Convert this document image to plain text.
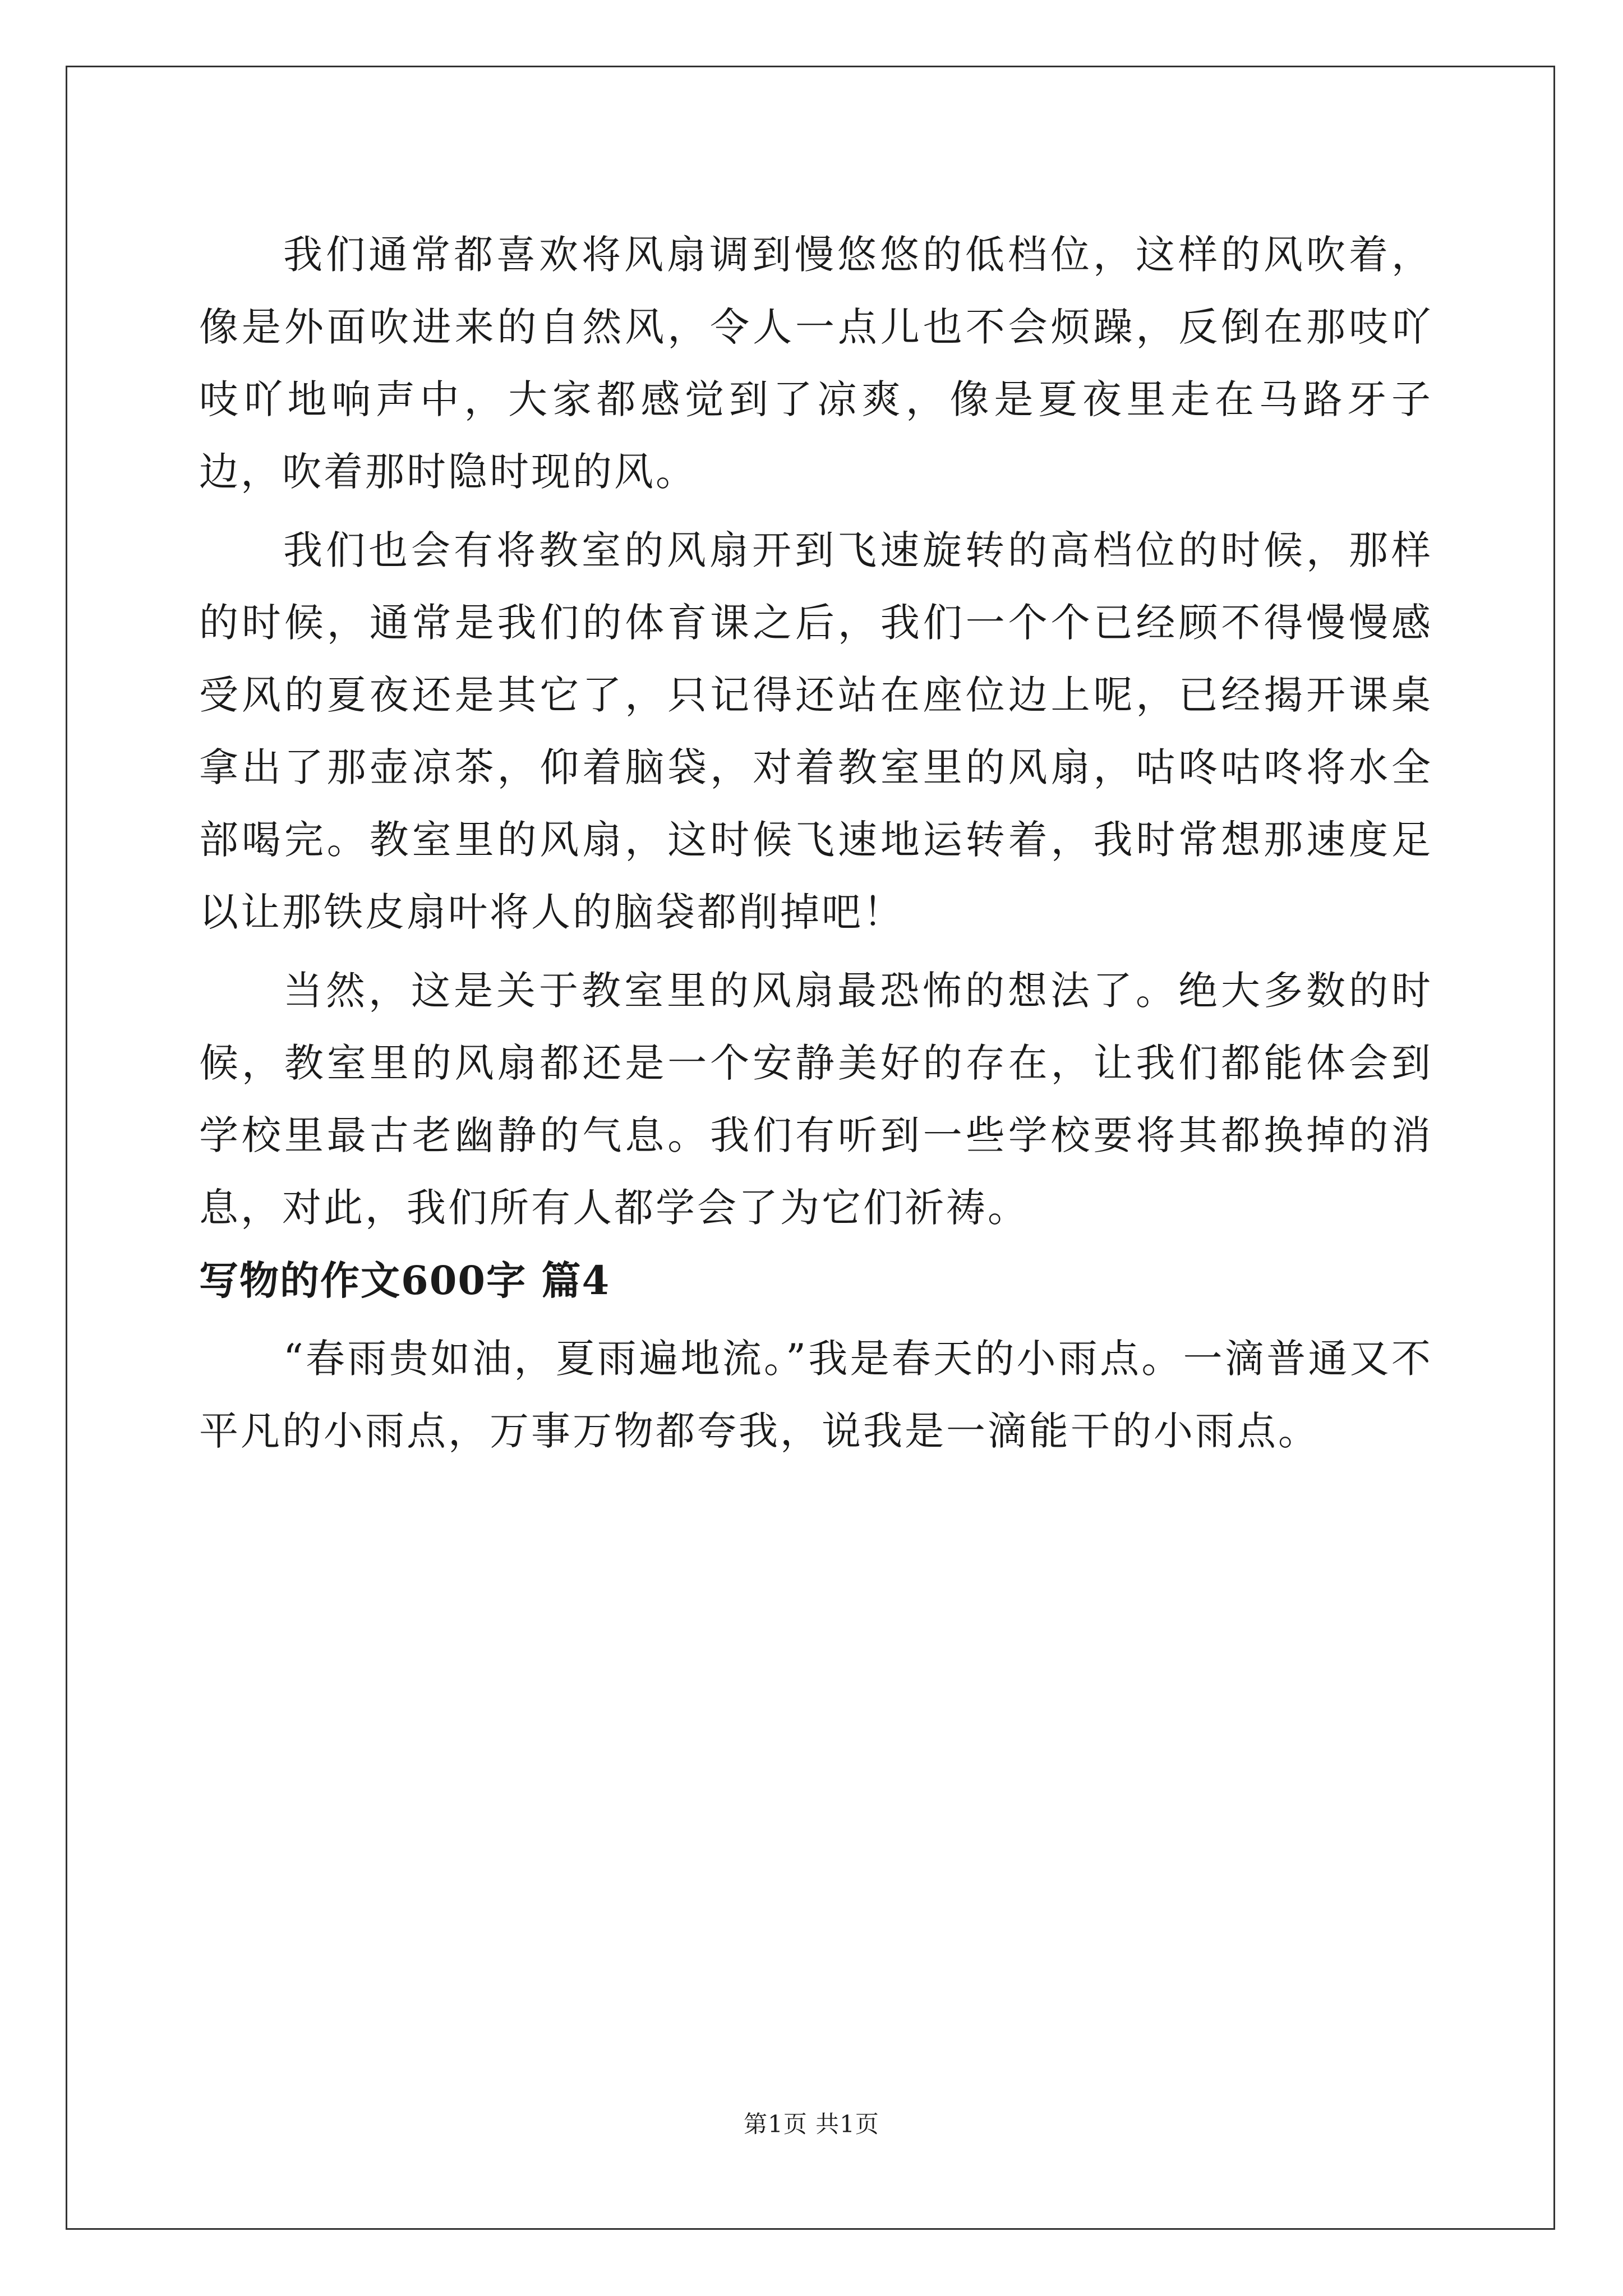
我们通常都喜欢将风扇调到慢悠悠的低档位，这样的风吹着，像是外面吹进来的自然风，令人一点儿也不会烦躁，反倒在那吱吖吱吖地响声中，大家都感觉到了凉爽，像是夏夜里走在马路牙子边，吹着那时隐时现的风。

我们也会有将教室的风扇开到飞速旋转的高档位的时候，那样的时候，通常是我们的体育课之后，我们一个个已经顾不得慢慢感受风的夏夜还是其它了，只记得还站在座位边上呢，已经揭开课桌拿出了那壶凉茶，仰着脑袋，对着教室里的风扇，咕咚咕咚将水全部喝完。教室里的风扇，这时候飞速地运转着，我时常想那速度足以让那铁皮扇叶将人的脑袋都削掉吧！

当然，这是关于教室里的风扇最恐怖的想法了。绝大多数的时候，教室里的风扇都还是一个安静美好的存在，让我们都能体会到学校里最古老幽静的气息。我们有听到一些学校要将其都换掉的消息，对此，我们所有人都学会了为它们祈祷。

写物的作文600字 篇4

“春雨贵如油，夏雨遍地流。”我是春天的小雨点。一滴普通又不平凡的小雨点，万事万物都夸我，说我是一滴能干的小雨点。

第1页 共1页
